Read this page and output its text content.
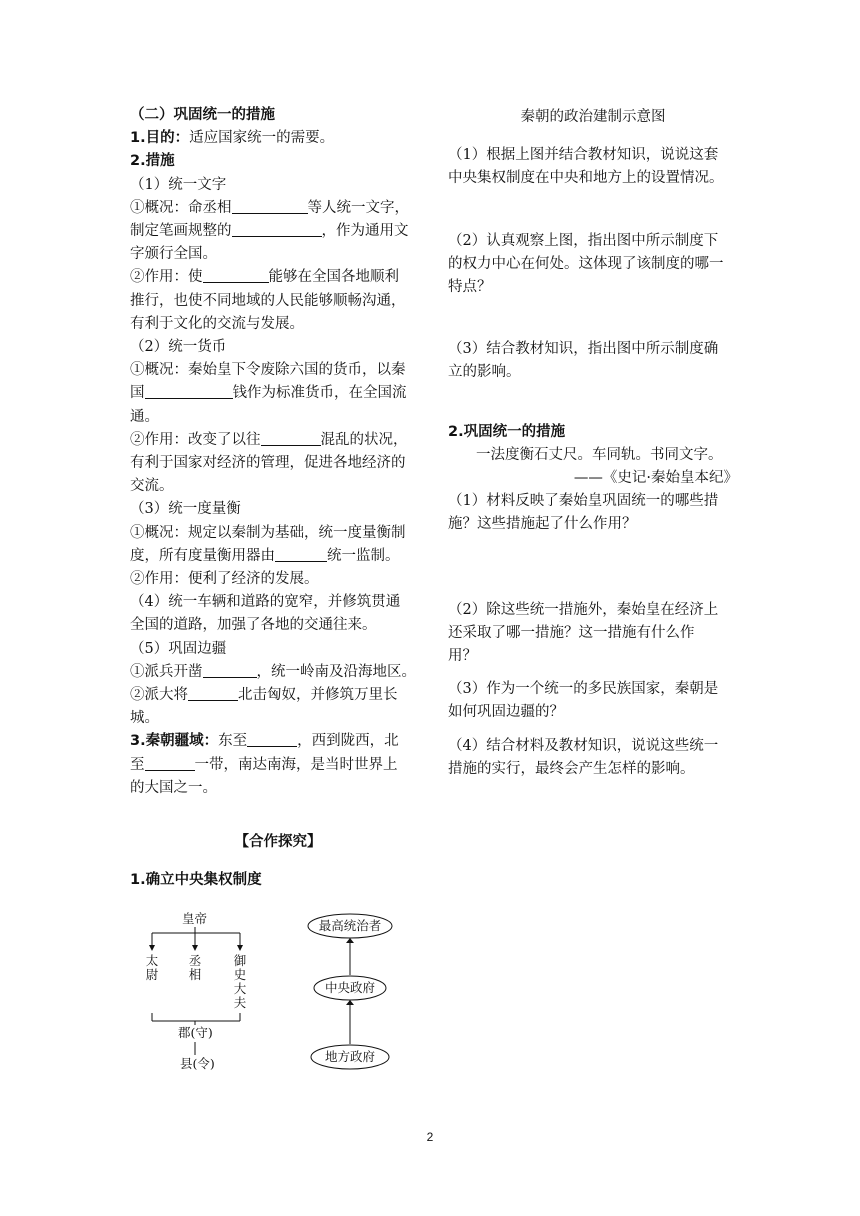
（二）巩固统一的措施
1.目的：适应国家统一的需要。
2.措施
（1）统一文字
①概况：命丞相	等人统一文字，
制定笔画规整的	，作为通用文
字颁行全国。
②作用：使	能够在全国各地顺利
推行，也使不同地域的人民能够顺畅沟通，
有利于文化的交流与发展。
（2）统一货币
①概况：秦始皇下令废除六国的货币，以秦
国	钱作为标准货币，在全国流
通。
②作用：改变了以往	混乱的状况，
有利于国家对经济的管理，促进各地经济的
交流。
（3）统一度量衡
①概况：规定以秦制为基础，统一度量衡制
度，所有度量衡用器由	统一监制。
②作用：便利了经济的发展。
（4）统一车辆和道路的宽窄，并修筑贯通
全国的道路，加强了各地的交通往来。
（5）巩固边疆
①派兵开凿	，统一岭南及沿海地区。
②派大将	北击匈奴，并修筑万里长
城。
3.秦朝疆域：东至	，西到陇西，北
至	一带，南达南海，是当时世界上
的大国之一。
【合作探究】
1.确立中央集权制度
皇帝
太尉
丞相
御史大夫
郡(守)
县(令)
最高统治者
中央政府
地方政府
秦朝的政治建制示意图
（1）根据上图并结合教材知识，说说这套
中央集权制度在中央和地方上的设置情况。
（2）认真观察上图，指出图中所示制度下
的权力中心在何处。这体现了该制度的哪一
特点？
（3）结合教材知识，指出图中所示制度确
立的影响。
2.巩固统一的措施
一法度衡石丈尺。车同轨。书同文字。
——《史记·秦始皇本纪》
（1）材料反映了秦始皇巩固统一的哪些措
施？这些措施起了什么作用？
（2）除这些统一措施外，秦始皇在经济上
还采取了哪一措施？这一措施有什么作
用？
（3）作为一个统一的多民族国家，秦朝是
如何巩固边疆的？
（4）结合材料及教材知识，说说这些统一
措施的实行，最终会产生怎样的影响。
2
